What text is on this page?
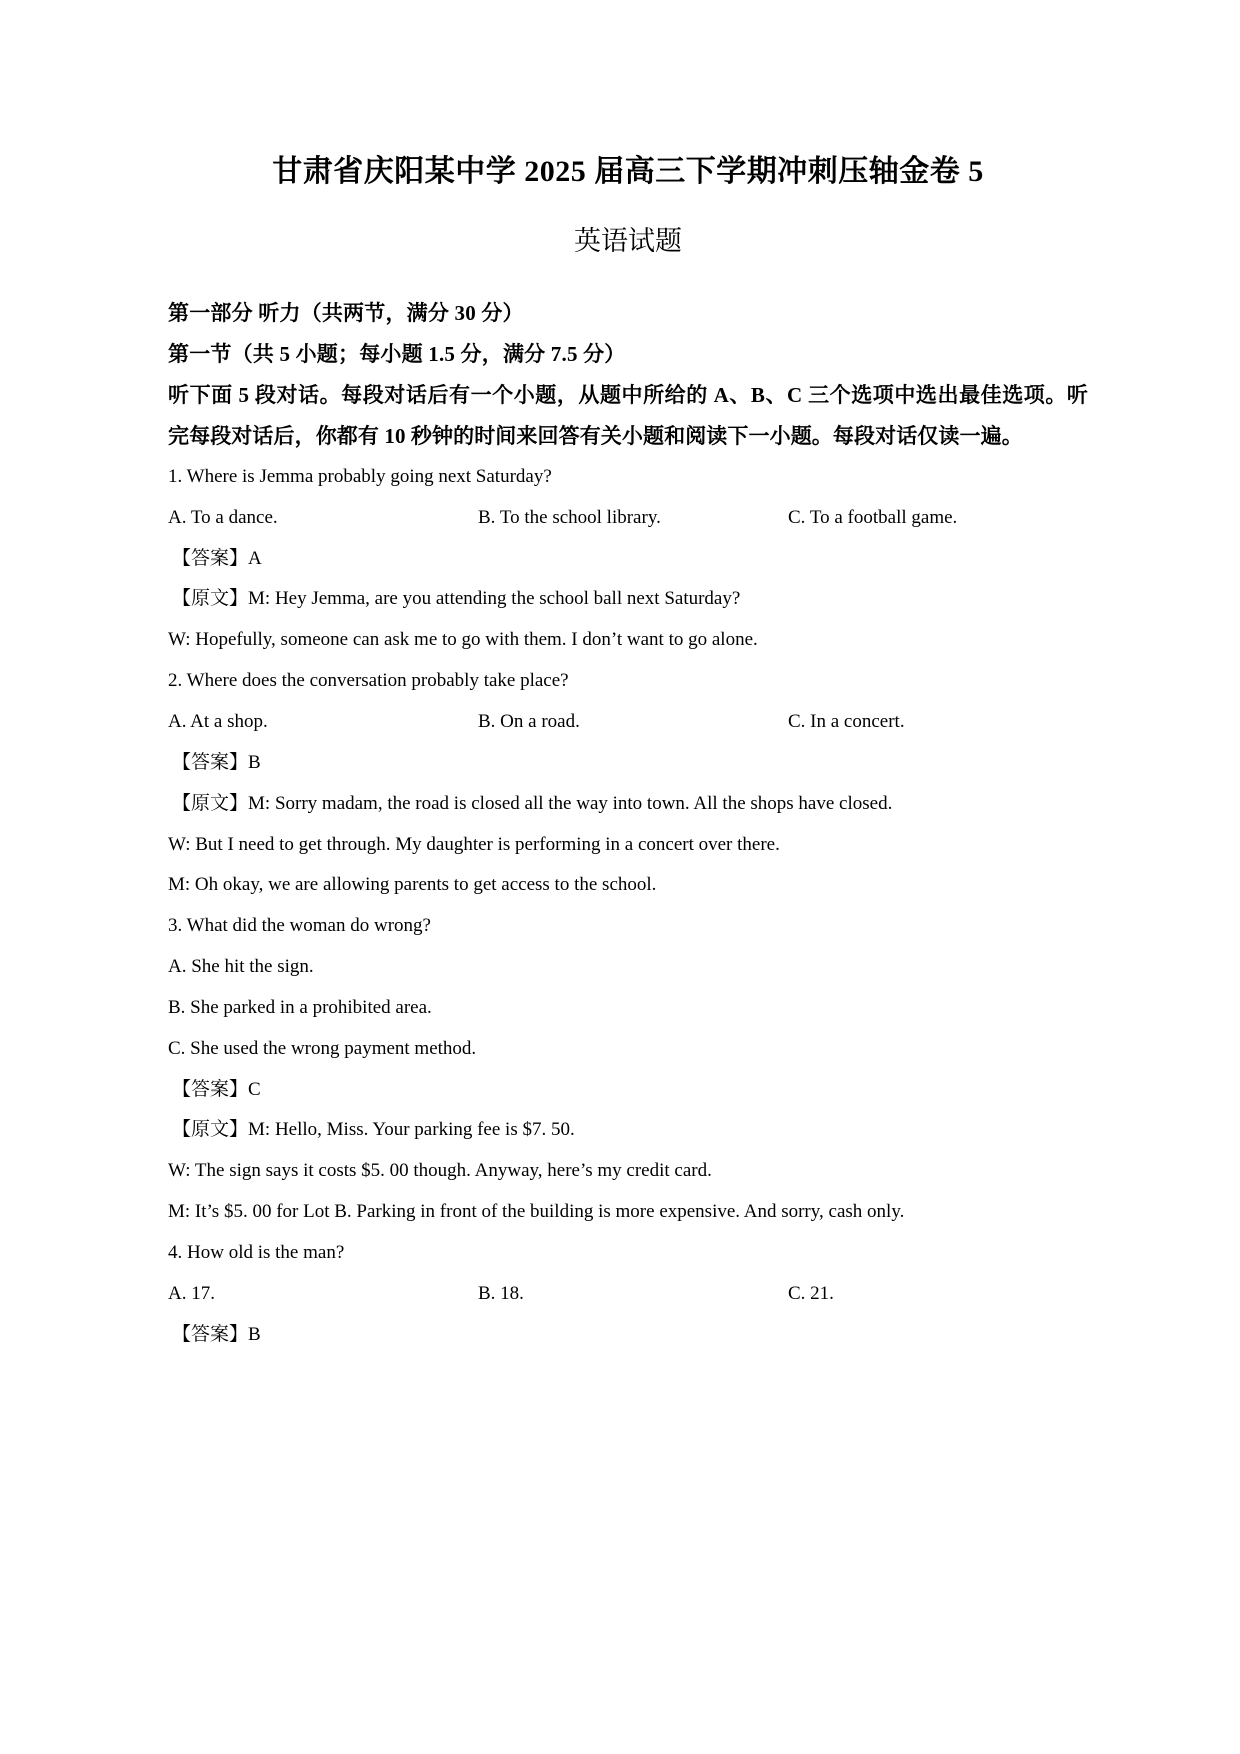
甘肃省庆阳某中学 2025 届高三下学期冲刺压轴金卷 5
英语试题

第一部分 听力（共两节，满分 30 分）

第一节（共 5 小题；每小题 1.5 分，满分 7.5 分）

听下面 5 段对话。每段对话后有一个小题，从题中所给的 A、B、C 三个选项中选出最佳选项。听完每段对话后，你都有 10 秒钟的时间来回答有关小题和阅读下一小题。每段对话仅读一遍。

1. Where is Jemma probably going next Saturday?

A. To a dance.	B. To the school library.	C. To a football game.

【答案】A

【原文】M: Hey Jemma, are you attending the school ball next Saturday?

W: Hopefully, someone can ask me to go with them. I don’t want to go alone.

2. Where does the conversation probably take place?

A. At a shop.	B. On a road.	C. In a concert.

【答案】B

【原文】M: Sorry madam, the road is closed all the way into town. All the shops have closed.

W: But I need to get through. My daughter is performing in a concert over there.

M: Oh okay, we are allowing parents to get access to the school.

3. What did the woman do wrong?

A. She hit the sign.

B. She parked in a prohibited area.

C. She used the wrong payment method.

【答案】C

【原文】M: Hello, Miss. Your parking fee is $7. 50.

W: The sign says it costs $5. 00 though. Anyway, here’s my credit card.

M: It’s $5. 00 for Lot B. Parking in front of the building is more expensive. And sorry, cash only.

4. How old is the man?

A. 17.	B. 18.	C. 21.

【答案】B
